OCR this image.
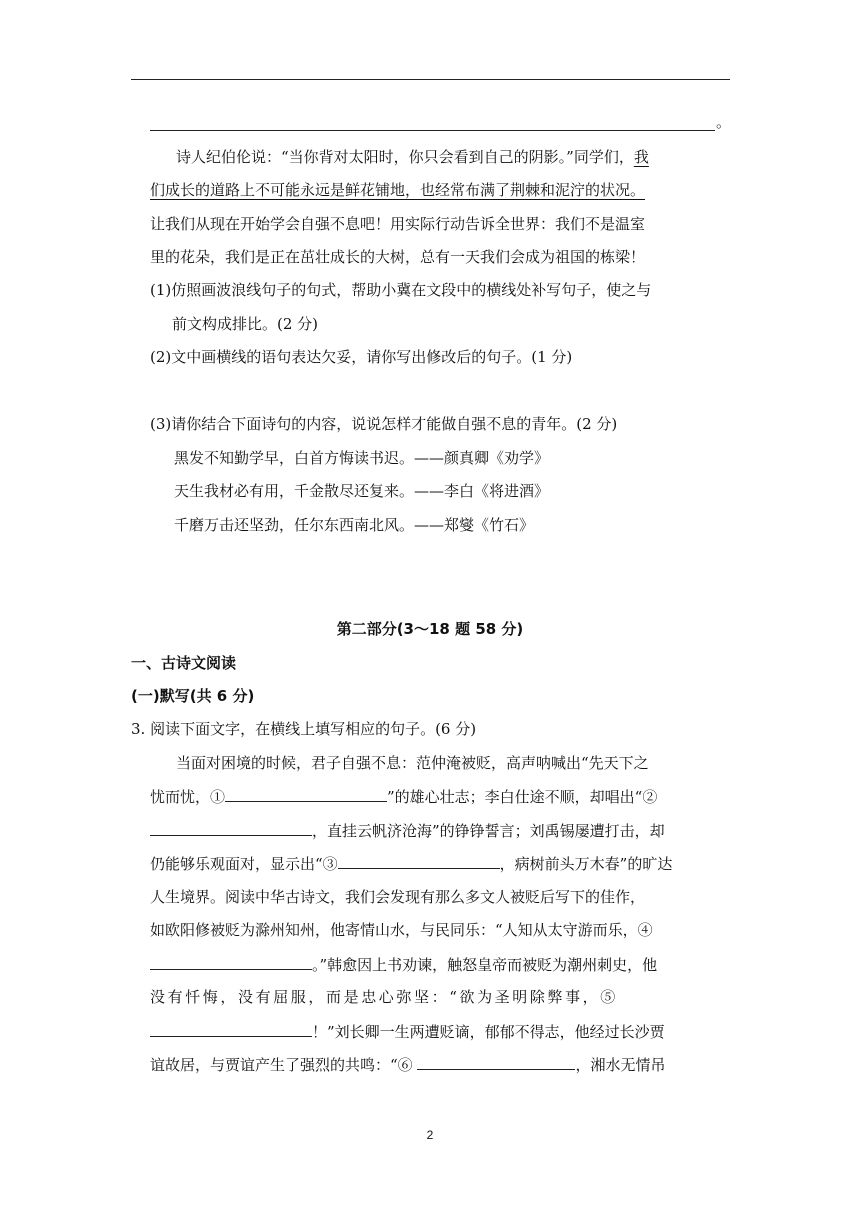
。
诗人纪伯伦说：“当你背对太阳时，你只会看到自己的阴影。”同学们，我
们成长的道路上不可能永远是鲜花铺地，也经常布满了荆棘和泥泞的状况。
让我们从现在开始学会自强不息吧！用实际行动告诉全世界：我们不是温室
里的花朵，我们是正在茁壮成长的大树，总有一天我们会成为祖国的栋梁！
(1)仿照画波浪线句子的句式，帮助小冀在文段中的横线处补写句子，使之与
前文构成排比。(2 分)
(2)文中画横线的语句表达欠妥，请你写出修改后的句子。(1 分)
(3)请你结合下面诗句的内容，说说怎样才能做自强不息的青年。(2 分)
黑发不知勤学早，白首方悔读书迟。——颜真卿《劝学》
天生我材必有用，千金散尽还复来。——李白《将进酒》
千磨万击还坚劲，任尔东西南北风。——郑燮《竹石》
第二部分(3～18 题 58 分)
一、古诗文阅读
(一)默写(共 6 分)
3. 阅读下面文字，在横线上填写相应的句子。(6 分)
当面对困境的时候，君子自强不息：范仲淹被贬，高声呐喊出“先天下之
忧而忧，①	”的雄心壮志；李白仕途不顺，却唱出“②
，直挂云帆济沧海”的铮铮誓言；刘禹锡屡遭打击，却
仍能够乐观面对，显示出“③	，病树前头万木春”的旷达
人生境界。阅读中华古诗文，我们会发现有那么多文人被贬后写下的佳作，
如欧阳修被贬为滁州知州，他寄情山水，与民同乐：“人知从太守游而乐，④
。”韩愈因上书劝谏，触怒皇帝而被贬为潮州刺史，他
没有忏悔，没有屈服，而是忠心弥坚：“欲为圣明除弊事，⑤
！”刘长卿一生两遭贬谪，郁郁不得志，他经过长沙贾
谊故居，与贾谊产生了强烈的共鸣：“⑥	，湘水无情吊
2
